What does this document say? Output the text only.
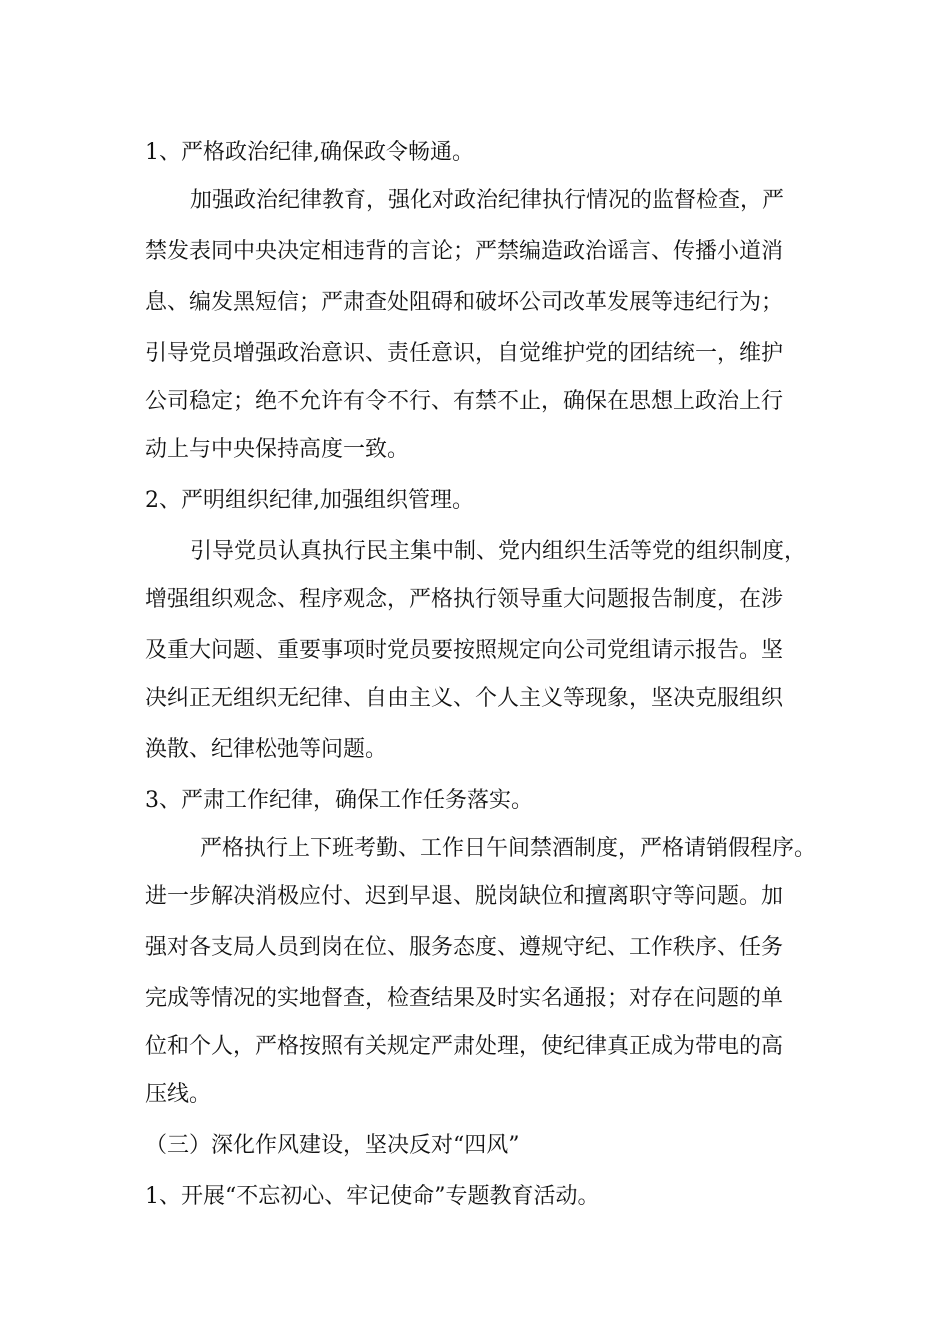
1、严格政治纪律,确保政令畅通。
加强政治纪律教育，强化对政治纪律执行情况的监督检查，严
禁发表同中央决定相违背的言论；严禁编造政治谣言、传播小道消
息、编发黑短信；严肃查处阻碍和破坏公司改革发展等违纪行为；
引导党员增强政治意识、责任意识，自觉维护党的团结统一，维护
公司稳定；绝不允许有令不行、有禁不止，确保在思想上政治上行
动上与中央保持高度一致。
2、严明组织纪律,加强组织管理。
引导党员认真执行民主集中制、党内组织生活等党的组织制度，
增强组织观念、程序观念，严格执行领导重大问题报告制度，在涉
及重大问题、重要事项时党员要按照规定向公司党组请示报告。坚
决纠正无组织无纪律、自由主义、个人主义等现象，坚决克服组织
涣散、纪律松弛等问题。
3、严肃工作纪律，确保工作任务落实。
严格执行上下班考勤、工作日午间禁酒制度，严格请销假程序。
进一步解决消极应付、迟到早退、脱岗缺位和擅离职守等问题。加
强对各支局人员到岗在位、服务态度、遵规守纪、工作秩序、任务
完成等情况的实地督查，检查结果及时实名通报；对存在问题的单
位和个人，严格按照有关规定严肃处理，使纪律真正成为带电的高
压线。
（三）深化作风建设，坚决反对“四风”
1、开展“不忘初心、牢记使命”专题教育活动。
